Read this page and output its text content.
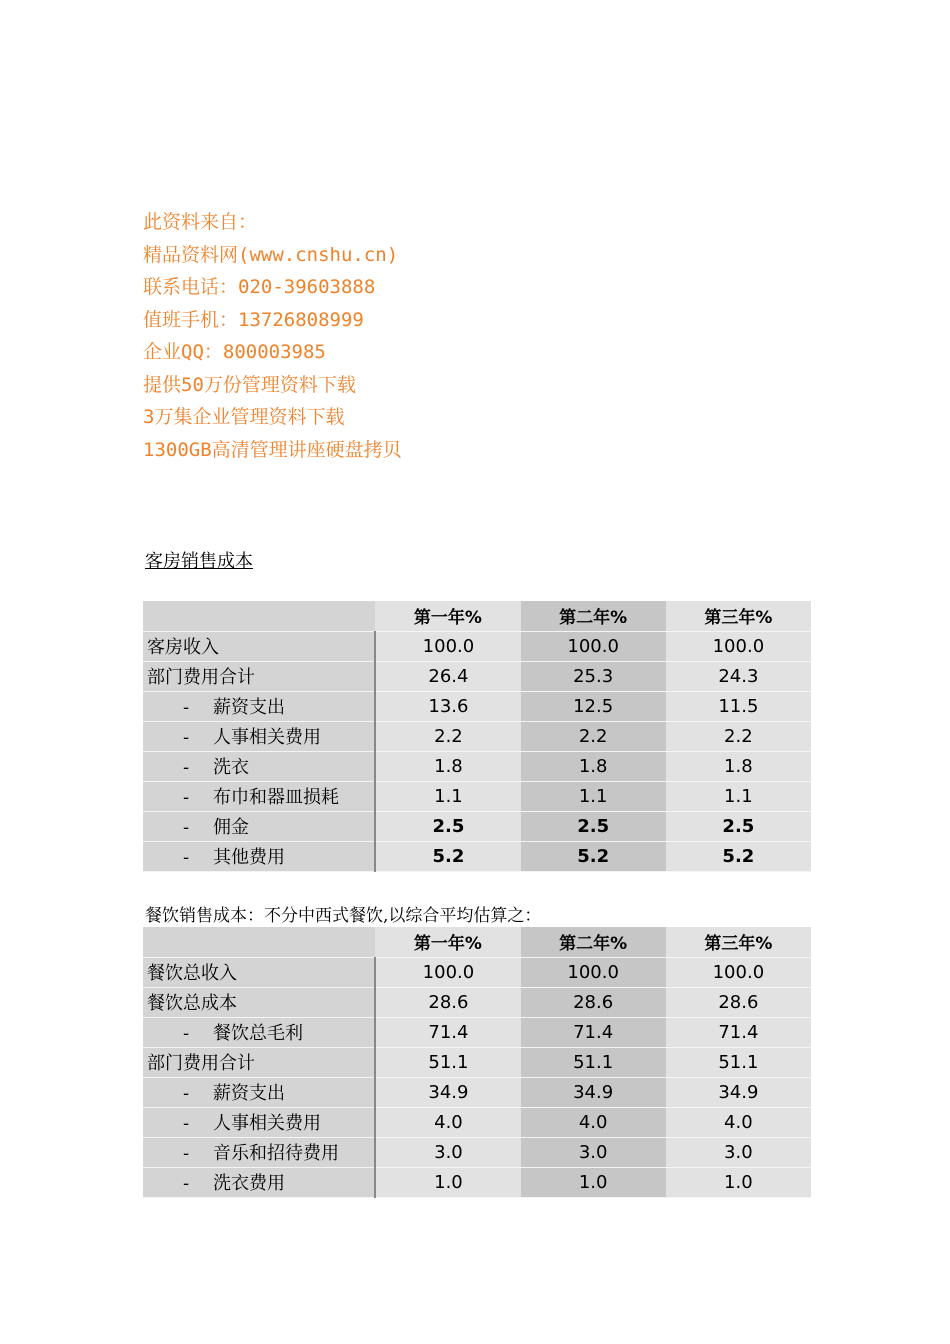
此资料来自：
精品资料网(www.cnshu.cn)
联系电话：020-39603888
值班手机：13726808999
企业QQ：800003985
提供50万份管理资料下载
3万集企业管理资料下载
1300GB高清管理讲座硬盘拷贝
客房销售成本
	第一年%	第二年%	第三年%
客房收入	100.0	100.0	100.0
部门费用合计	26.4	25.3	24.3
- 薪资支出	13.6	12.5	11.5
- 人事相关费用	2.2	2.2	2.2
- 洗衣	1.8	1.8	1.8
- 布巾和器皿损耗	1.1	1.1	1.1
- 佣金	2.5	2.5	2.5
- 其他费用	5.2	5.2	5.2
餐饮销售成本：不分中西式餐饮,以综合平均估算之：
	第一年%	第二年%	第三年%
餐饮总收入	100.0	100.0	100.0
餐饮总成本	28.6	28.6	28.6
- 餐饮总毛利	71.4	71.4	71.4
部门费用合计	51.1	51.1	51.1
- 薪资支出	34.9	34.9	34.9
- 人事相关费用	4.0	4.0	4.0
- 音乐和招待费用	3.0	3.0	3.0
- 洗衣费用	1.0	1.0	1.0
